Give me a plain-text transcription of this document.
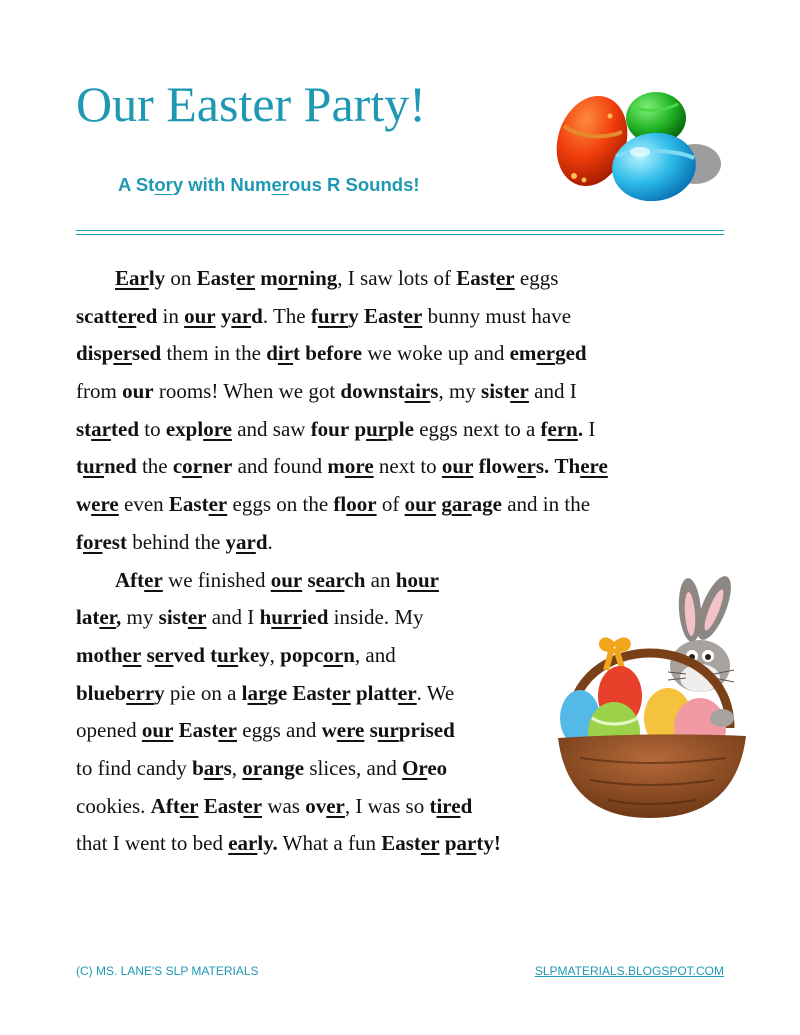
Our Easter Party!

A Story with Numerous R Sounds!

Early on Easter morning, I saw lots of Easter eggs
scattered in our yard. The furry Easter bunny must have
dispersed them in the dirt before we woke up and emerged
from our rooms! When we got downstairs, my sister and I
started to explore and saw four purple eggs next to a fern. I
turned the corner and found more next to our flowers. There
were even Easter eggs on the floor of our garage and in the
forest behind the yard.
After we finished our search an hour
later, my sister and I hurried inside. My
mother served turkey, popcorn, and
blueberry pie on a large Easter platter. We
opened our Easter eggs and were surprised
to find candy bars, orange slices, and Oreo
cookies. After Easter was over, I was so tired
that I went to bed early. What a fun Easter party!

(C) MS. LANE'S SLP MATERIALS	SLPMATERIALS.BLOGSPOT.COM
